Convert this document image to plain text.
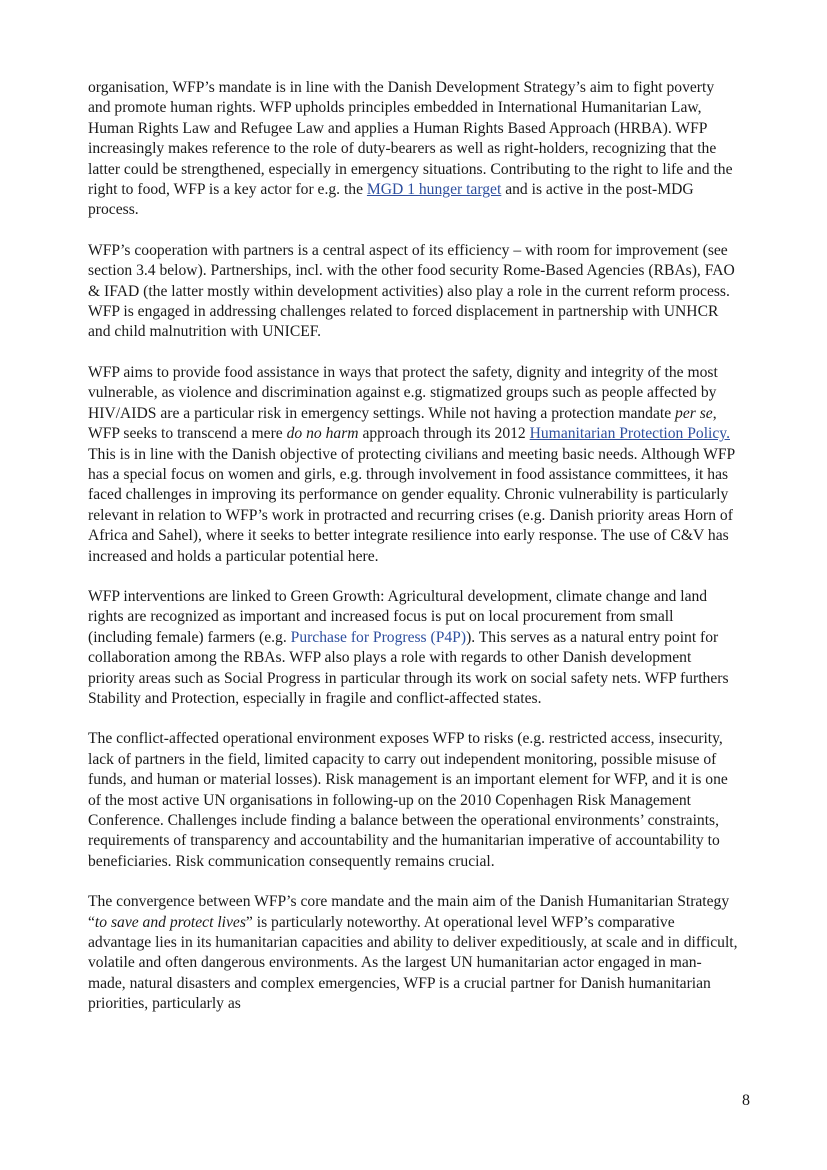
organisation, WFP’s mandate is in line with the Danish Development Strategy’s aim to fight poverty and promote human rights. WFP upholds principles embedded in International Humanitarian Law, Human Rights Law and Refugee Law and applies a Human Rights Based Approach (HRBA). WFP increasingly makes reference to the role of duty-bearers as well as right-holders, recognizing that the latter could be strengthened, especially in emergency situations. Contributing to the right to life and the right to food, WFP is a key actor for e.g. the MGD 1 hunger target and is active in the post-MDG process.

WFP’s cooperation with partners is a central aspect of its efficiency – with room for improvement (see section 3.4 below). Partnerships, incl. with the other food security Rome-Based Agencies (RBAs), FAO & IFAD (the latter mostly within development activities) also play a role in the current reform process. WFP is engaged in addressing challenges related to forced displacement in partnership with UNHCR and child malnutrition with UNICEF.

WFP aims to provide food assistance in ways that protect the safety, dignity and integrity of the most vulnerable, as violence and discrimination against e.g. stigmatized groups such as people affected by HIV/AIDS are a particular risk in emergency settings. While not having a protection mandate per se, WFP seeks to transcend a mere do no harm approach through its 2012 Humanitarian Protection Policy. This is in line with the Danish objective of protecting civilians and meeting basic needs. Although WFP has a special focus on women and girls, e.g. through involvement in food assistance committees, it has faced challenges in improving its performance on gender equality. Chronic vulnerability is particularly relevant in relation to WFP’s work in protracted and recurring crises (e.g. Danish priority areas Horn of Africa and Sahel), where it seeks to better integrate resilience into early response. The use of C&V has increased and holds a particular potential here.

WFP interventions are linked to Green Growth: Agricultural development, climate change and land rights are recognized as important and increased focus is put on local procurement from small (including female) farmers (e.g. Purchase for Progress (P4P)). This serves as a natural entry point for collaboration among the RBAs. WFP also plays a role with regards to other Danish development priority areas such as Social Progress in particular through its work on social safety nets. WFP furthers Stability and Protection, especially in fragile and conflict-affected states.

The conflict-affected operational environment exposes WFP to risks (e.g. restricted access, insecurity, lack of partners in the field, limited capacity to carry out independent monitoring, possible misuse of funds, and human or material losses). Risk management is an important element for WFP, and it is one of the most active UN organisations in following-up on the 2010 Copenhagen Risk Management Conference. Challenges include finding a balance between the operational environments’ constraints, requirements of transparency and accountability and the humanitarian imperative of accountability to beneficiaries. Risk communication consequently remains crucial.

The convergence between WFP’s core mandate and the main aim of the Danish Humanitarian Strategy “to save and protect lives” is particularly noteworthy. At operational level WFP’s comparative advantage lies in its humanitarian capacities and ability to deliver expeditiously, at scale and in difficult, volatile and often dangerous environments. As the largest UN humanitarian actor engaged in man-made, natural disasters and complex emergencies, WFP is a crucial partner for Danish humanitarian priorities, particularly as

8
